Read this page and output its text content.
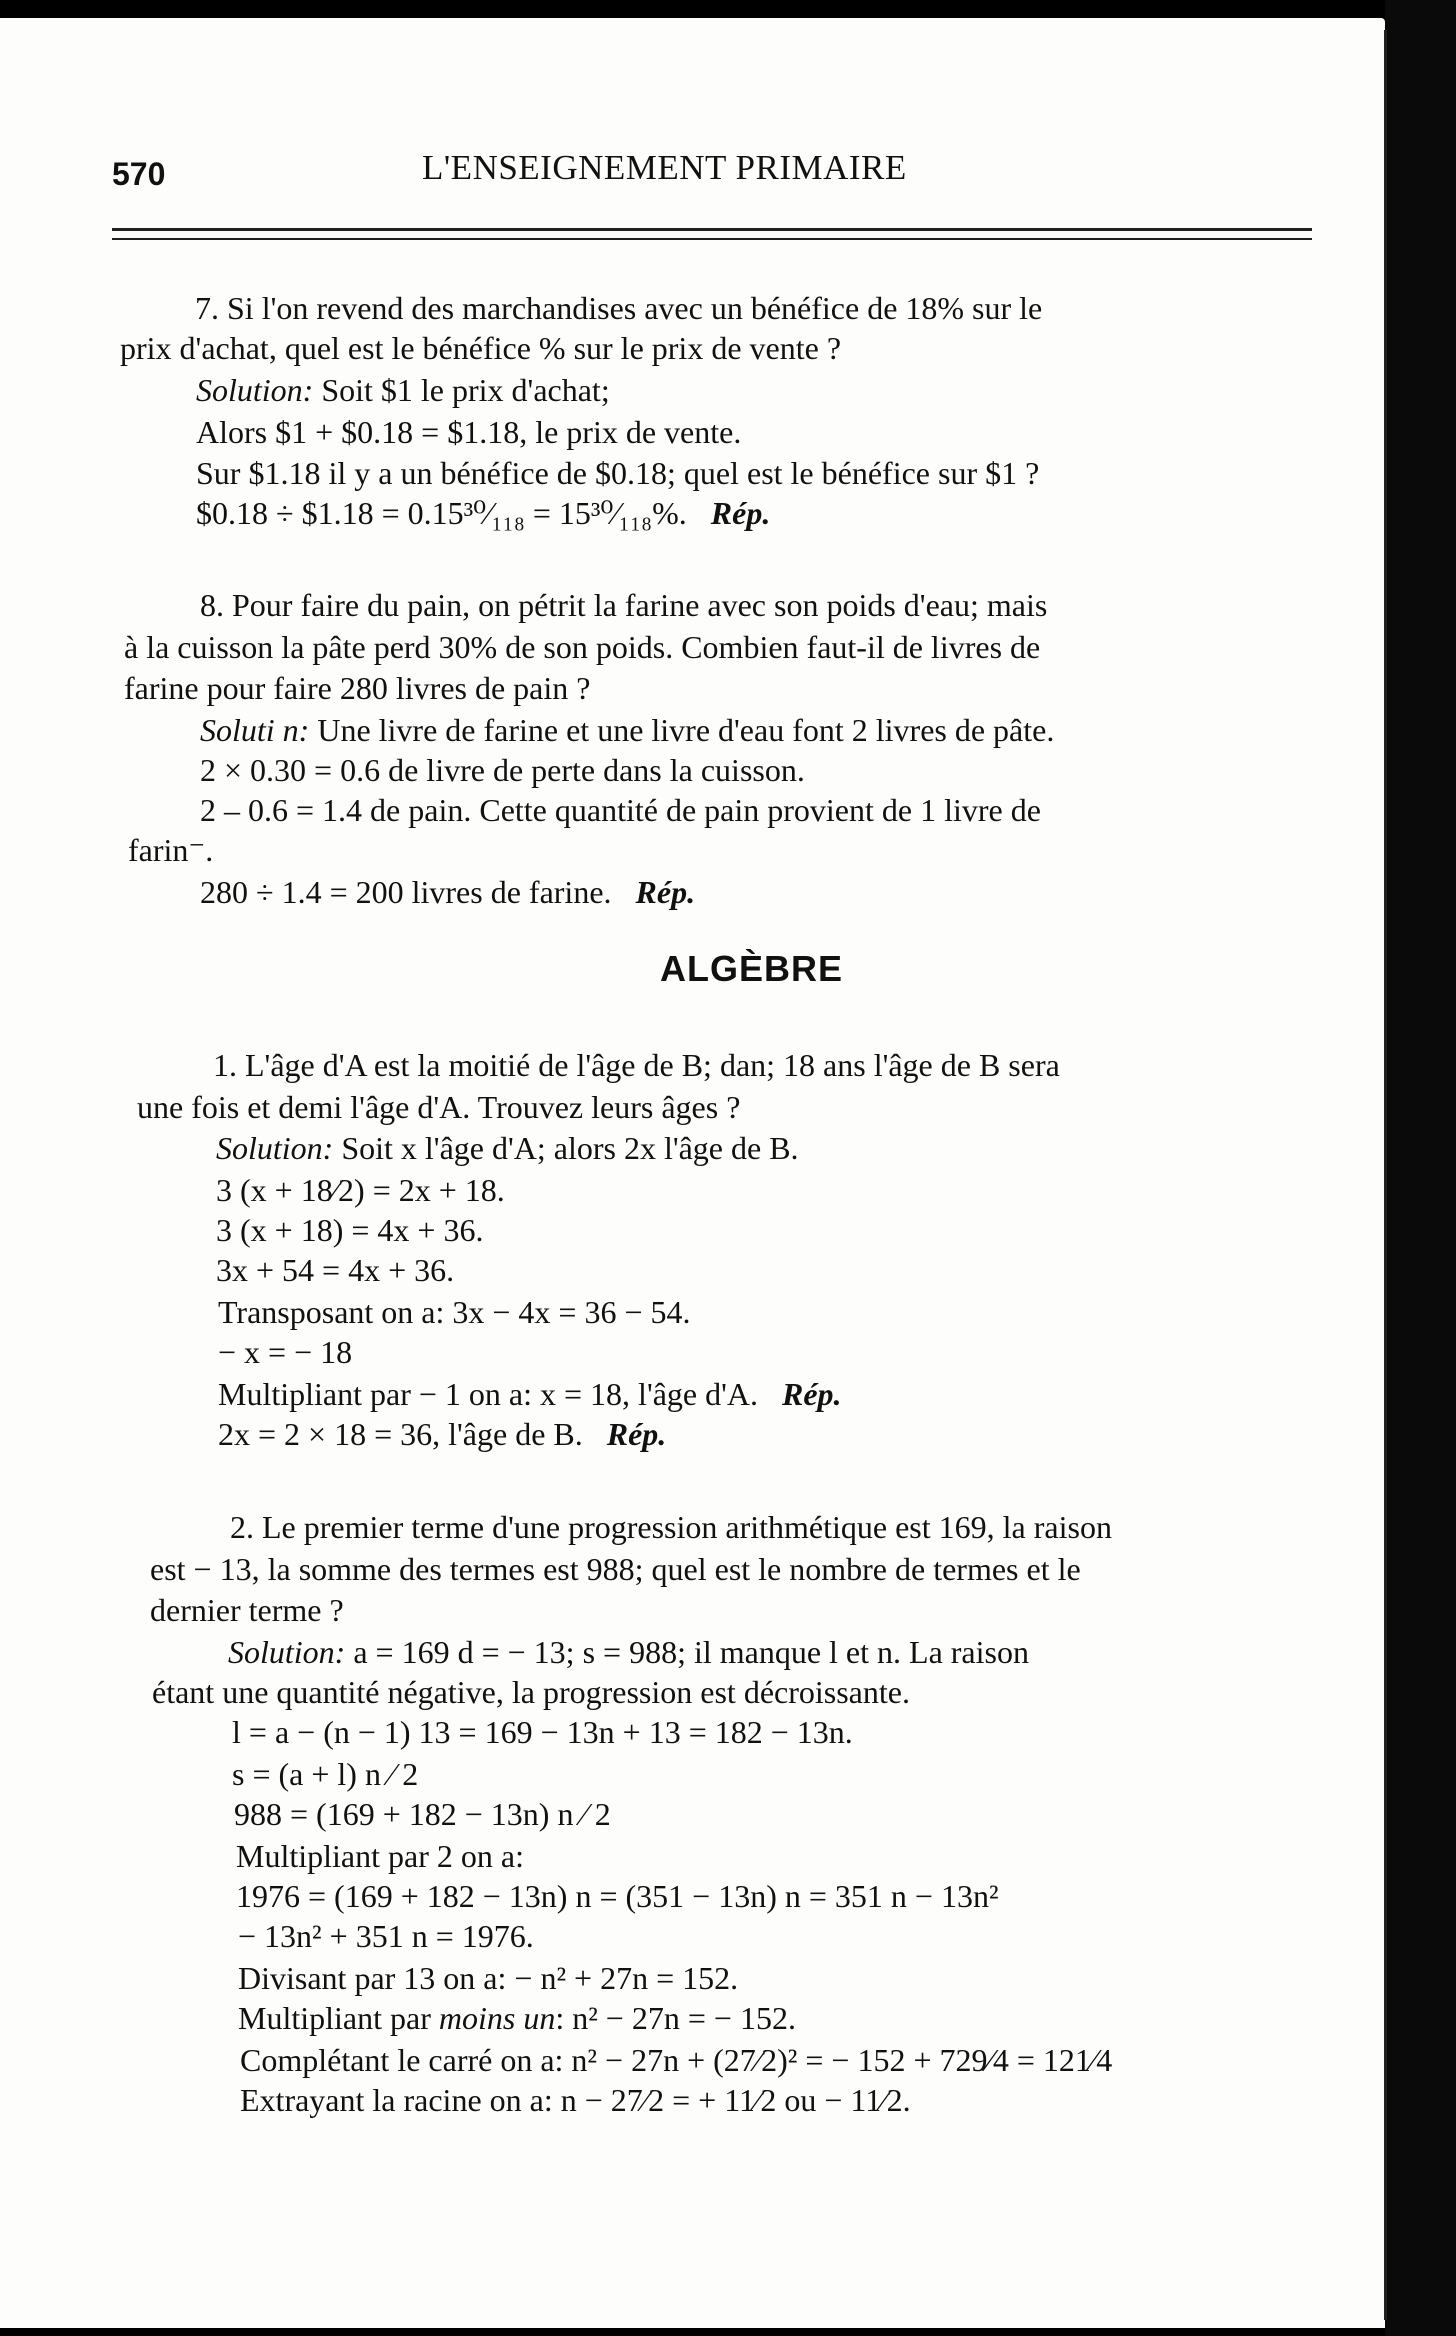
570	L'ENSEIGNEMENT PRIMAIRE
7. Si l'on revend des marchandises avec un bénéfice de 18% sur le
prix d'achat, quel est le bénéfice % sur le prix de vente ?
Solution: Soit $1 le prix d'achat;
Alors $1 + $0.18 = $1.18, le prix de vente.
Sur $1.18 il y a un bénéfice de $0.18; quel est le bénéfice sur $1 ?
$0.18 ÷ $1.18 = 0.15³⁰⁄₁₁₈ = 15³⁰⁄₁₁₈%. Rép.
8. Pour faire du pain, on pétrit la farine avec son poids d'eau; mais
à la cuisson la pâte perd 30% de son poids. Combien faut-il de livres de
farine pour faire 280 livres de pain ?
Soluti n: Une livre de farine et une livre d'eau font 2 livres de pâte.
2 × 0.30 = 0.6 de livre de perte dans la cuisson.
2 – 0.6 = 1.4 de pain. Cette quantité de pain provient de 1 livre de
farin⁻.
280 ÷ 1.4 = 200 livres de farine. Rép.
ALGÈBRE
1. L'âge d'A est la moitié de l'âge de B; dan; 18 ans l'âge de B sera
une fois et demi l'âge d'A. Trouvez leurs âges ?
Solution: Soit x l'âge d'A; alors 2x l'âge de B.
3 (x + 18⁄2) = 2x + 18.
3 (x + 18) = 4x + 36.
3x + 54 = 4x + 36.
Transposant on a: 3x − 4x = 36 − 54.
− x = − 18
Multipliant par − 1 on a: x = 18, l'âge d'A. Rép.
2x = 2 × 18 = 36, l'âge de B. Rép.
2. Le premier terme d'une progression arithmétique est 169, la raison
est − 13, la somme des termes est 988; qu⁠el est le nombre de termes et le
dernier terme ?
Solution: a = 169 d = − 13; s = 988; il manque l et n. La raison
étant une quantité négative, la progression est décroissante.
l = a − (n − 1) 13 = 169 − 13n + 13 = 182 − 13n.
s = (a + l) n ⁄ 2
988 = (169 + 182 − 13n) n ⁄ 2
Multipliant par 2 on a:
1976 = (169 + 182 − 13n) n = (351 − 13n) n = 351 n − 13n²
− 13n² + 351 n = 1976.
Divisant par 13 on a: − n² + 27n = 152.
Multipliant par moins un: n² − 27n = − 152.
Complétant le carré on a: n² − 27n + (27⁄2)² = − 152 + 729⁄4 = 121⁄4
Extrayant la racine on a: n − 27⁄2 = + 11⁄2 ou − 11⁄2.
